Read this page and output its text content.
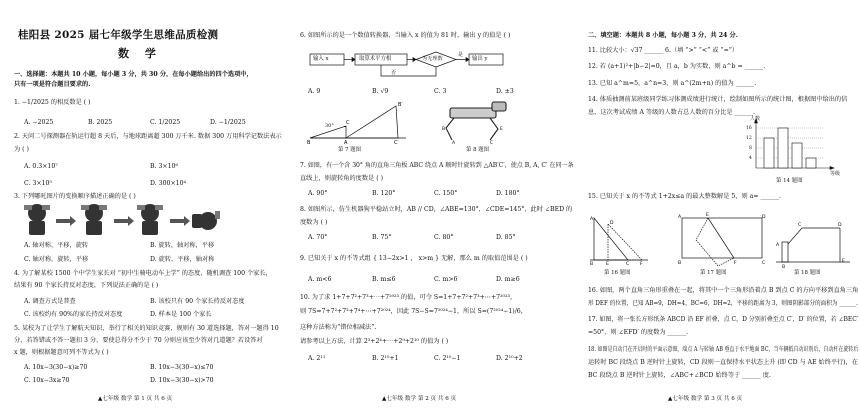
桂阳县 2025 届七年级学生思维品质检测
数 学
一、选择题：本题共 10 小题，每小题 3 分，共 30 分，在每小题给出的四个选项中，
只有一项是符合题目要求的.
1. −1/2025 的相反数是 ( )
A. −2025	B. 2025	C. 1/2025	D. −1/2025
2. 天问二号探测器在轨运行超 8 天后，与地球距离超 300 万千米. 数据 300 万用科学记数法表示
为 ( )
A. 0.3×10⁷	B. 3×10⁶
C. 3×10⁵	D. 300×10⁴
3. 下列哪吒图片的变换顺序描述正确的是 ( )
A. 轴对称，平移，旋转	B. 旋转，轴对称，平移
C. 轴对称，旋转，平移	D. 旋转，平移，轴对称
4. 为了解某校 1500 个中学生家长对 “初中生骑电动车上学” 的态度，随机调查 100 个家长，
结果有 90 个家长持反对态度，下列说法正确的是 ( )
A. 调查方式是普查	B. 该校只有 90 个家长持反对态度
C. 该校约有 90%的家长持反对态度	D. 样本是 100 个家长
5. 某校为了让学生了解航天知识，举行了相关的知识竞赛，规则有 30 道选择题，答对一题得 10
分，若答错或不答一题扣 3 分，要使总得分不少于 70 分则应该至少答对几道题？若设答对
x 题，则根据题意可列不等式为 ( )
A. 10x−3(30−x)≥70	B. 10x−3(30−x)≤70
C. 10x−3x≥70	D. 10x−3(30−x)>70
▲七年级 数学 第 1 页 共 6 页
6. 如图所示的是一个数值转换器，当输入 x 的值为 81 时，输出 y 的值是 ( )
输入 x	取算术平方根	为无理数
是
否
输出 y
A. 9	B. √9	C. 3	D. ±3
B	A	C′
B′
C
30°
第 7 题图
B
A
E
C
第 8 题图
7. 如图，有一个含 30° 角的直角三角板 ABC 绕点 A 顺时针旋转到 △AB′C′，使点 B, A, C′ 在同一条
直线上，则旋转角的度数是 ( )
A. 90°	B. 120°	C. 150°	D. 180°
8. 如图所示，仿生机器狗平稳站立时，AB // CD，∠ABE=130°，∠CDE=145°，此时 ∠BED 的
度数为 ( )
A. 70°	B. 75°	C. 80°	D. 85°
9. 已知关于 x 的不等式组 { 13−2x>1 ， x>m } 无解，那么 m 的取值范围是 ( )
A. m<6	B. m≤6	C. m>6	D. m≥6
10. 为了求 1+7+7²+7³+⋯+7²⁰²³ 的值，可令 S=1+7+7²+7³+⋯+7²⁰²³，
则 7S=7+7²+7³+7⁴+⋯+7²⁰²⁴，因此 7S−S=7²⁰²⁴−1，所以 S=(7²⁰²⁴−1)/6，
这种方法称为“错位相减法”.
请参考以上方法，计算 2³+2⁴+⋯+2⁹+2¹⁰ 的值为 ( )
A. 2¹¹	B. 2¹⁰+1	C. 2¹⁰−1	D. 2¹⁰+2
▲七年级 数学 第 2 页 共 6 页
二、填空题：本题共 8 小题，每小题 3 分，共 24 分.
11. 比较大小：√37 ______ 6.（填 “>” “<” 或 “=”）
12. 若 (a+1)²+|b−2|=0，且 a，b 为实数，则 a^b = ______.
13. 已知 a^m=5，a^n=3，则 a^(2m+n) 的值为 ______.
14. 体质抽测前某班级同学练习体测成绩进行统计，绘制如图所示的统计图，根据图中给出的信
息，这次考试成绩 A 等级的人数占总人数的百分比是 ______.
人数
等级
4
8
12
16
第 14 题图
15. 已知关于 x 的不等式 1+2x≤a 的最大整数解是 5，则 a= ______.
A
D
B	E	C F
第 16 题图
A	E	D
B	F	C
第 17 题图
A
C	D
B
E
第 18 题图
16. 如图，两个直角三角形重叠在一起，将其中一个三角形沿着点 B 到点 C 的方向平移到直角三角
形 DEF 的位置，已知 AB=9，DH=4，BC=6，DH=2，平移的距离为 3，则图阴影部分的面积为 ______.
17. 如图，将一张长方形纸条 ABCD 沿 EF 折叠，点 C，D 分别折叠至点 C′，D′ 的位置，若 ∠BEC′
=50°，则 ∠EFD′ 的度数为 ______.
18. 如图是自动门在开启时的平面示意图，端点 A 与转轴 AB 垂直于水平地面 BC，当车辆抵自动识别后，自动杆在旋转后
运转时 BC 段绕点 B 逆时针上旋转，CD 段则一直保持水平状态上升 (即 CD 与 AE 始终平行)，在
BC 段绕点 B 逆时针上旋转，∠ABC+∠BCD 始终等于 ______ 度.
▲七年级 数学 第 3 页 共 6 页
